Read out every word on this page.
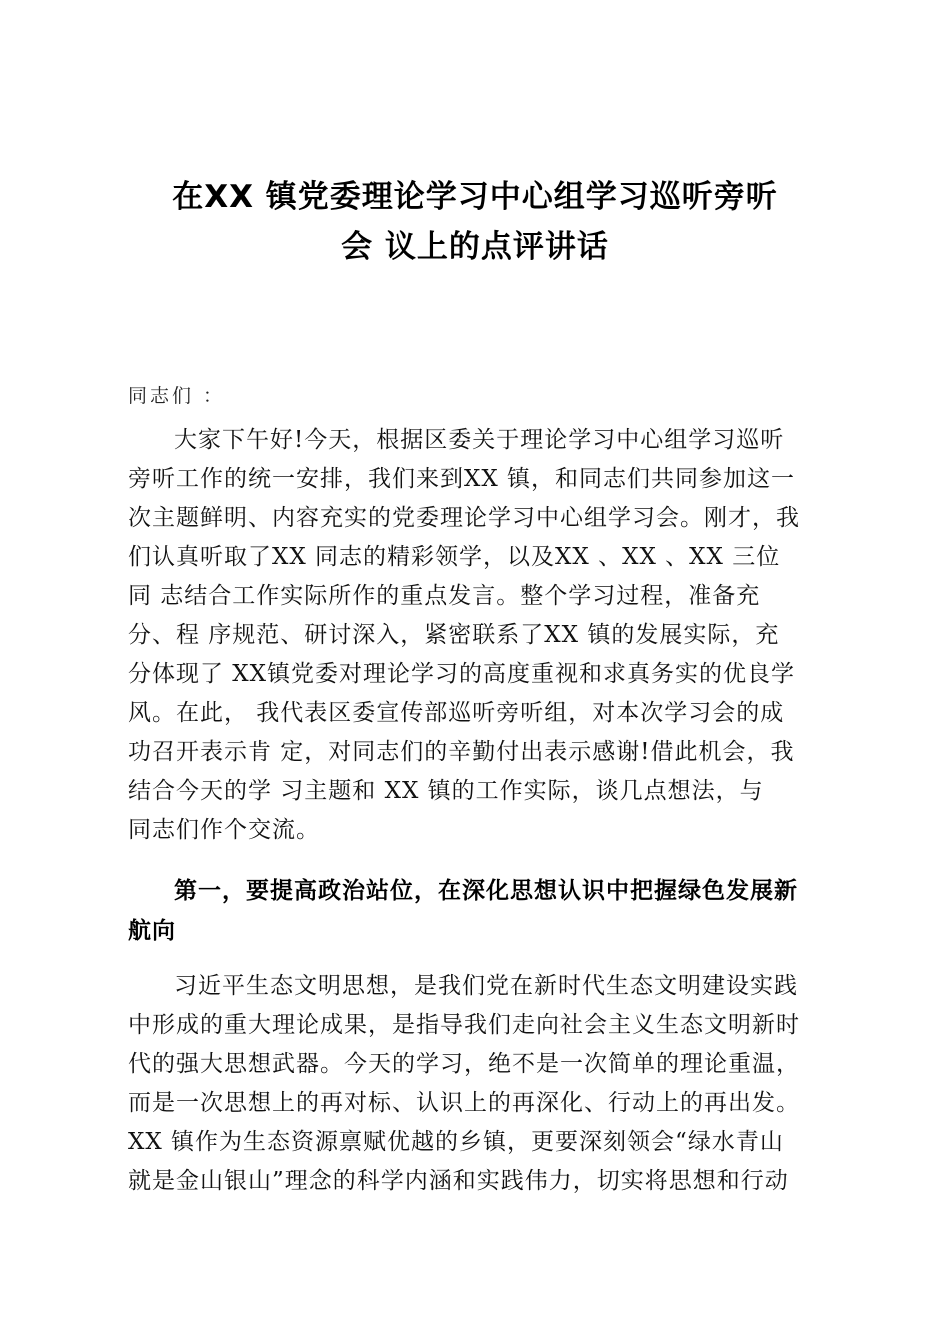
在XX 镇党委理论学习中心组学习巡听旁听
会 议上的点评讲话
同志们 ：
大家下午好!今天，根据区委关于理论学习中心组学习巡听
旁听工作的统一安排，我们来到XX 镇，和同志们共同参加这一
次主题鲜明、内容充实的党委理论学习中心组学习会。刚才，我
们认真听取了XX 同志的精彩领学，以及XX 、XX 、XX 三位
同 志结合工作实际所作的重点发言。整个学习过程，准备充
分、程 序规范、研讨深入，紧密联系了XX 镇的发展实际，充
分体现了 XX镇党委对理论学习的高度重视和求真务实的优良学
风。在此， 我代表区委宣传部巡听旁听组，对本次学习会的成
功召开表示肯 定，对同志们的辛勤付出表示感谢!借此机会，我
结合今天的学 习主题和 XX 镇的工作实际，谈几点想法，与
同志们作个交流。
第一，要提高政治站位，在深化思想认识中把握绿色发展新
航向
习近平生态文明思想，是我们党在新时代生态文明建设实践
中形成的重大理论成果，是指导我们走向社会主义生态文明新时
代的强大思想武器。今天的学习，绝不是一次简单的理论重温，
而是一次思想上的再对标、认识上的再深化、行动上的再出发。
XX 镇作为生态资源禀赋优越的乡镇，更要深刻领会“绿水青山
就是金山银山”理念的科学内涵和实践伟力，切实将思想和行动
